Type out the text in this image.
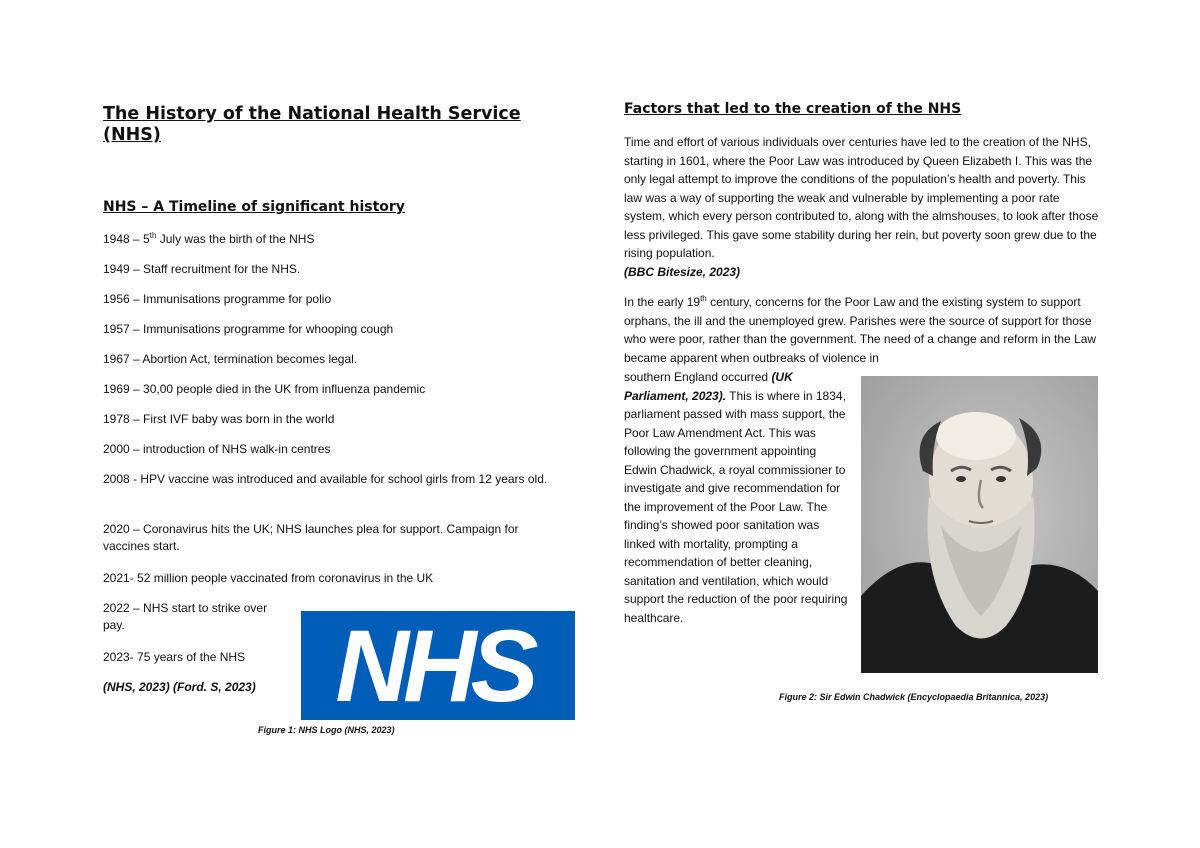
The History of the National Health Service (NHS)
NHS – A Timeline of significant history

1948 – 5th July was the birth of the NHS

1949 – Staff recruitment for the NHS.

1956 – Immunisations programme for polio

1957 – Immunisations programme for whooping cough

1967 – Abortion Act, termination becomes legal.

1969 – 30,00 people died in the UK from influenza pandemic

1978 – First IVF baby was born in the world

2000 – introduction of NHS walk-in centres

2008 - HPV vaccine was introduced and available for school girls from 12 years old.

2020 – Coronavirus hits the UK; NHS launches plea for support. Campaign for vaccines start.

2021- 52 million people vaccinated from coronavirus in the UK

2022 – NHS start to strike over pay.

2023- 75 years of the NHS

(NHS, 2023) (Ford. S, 2023) NHS

Figure 1: NHS Logo (NHS, 2023)

Factors that led to the creation of the NHS

Time and effort of various individuals over centuries have led to the creation of the NHS, starting in 1601, where the Poor Law was introduced by Queen Elizabeth I. This was the only legal attempt to improve the conditions of the population’s health and poverty. This law was a way of supporting the weak and vulnerable by implementing a poor rate system, which every person contributed to, along with the almshouses, to look after those less privileged. This gave some stability during her rein, but poverty soon grew due to the rising population.
(BBC Bitesize, 2023)

In the early 19th century, concerns for the Poor Law and the existing system to support orphans, the ill and the unemployed grew. Parishes were the source of support for those who were poor, rather than the government. The need of a change and reform in the Law became apparent when outbreaks of violence in

southern England occurred (UK Parliament, 2023). This is where in 1834, parliament passed with mass support, the Poor Law Amendment Act. This was following the government appointing Edwin Chadwick, a royal commissioner to investigate and give recommendation for the improvement of the Poor Law. The finding’s showed poor sanitation was linked with mortality, prompting a recommendation of better cleaning, sanitation and ventilation, which would support the reduction of the poor requiring healthcare.

Figure 2: Sir Edwin Chadwick (Encyclopaedia Britannica, 2023)
